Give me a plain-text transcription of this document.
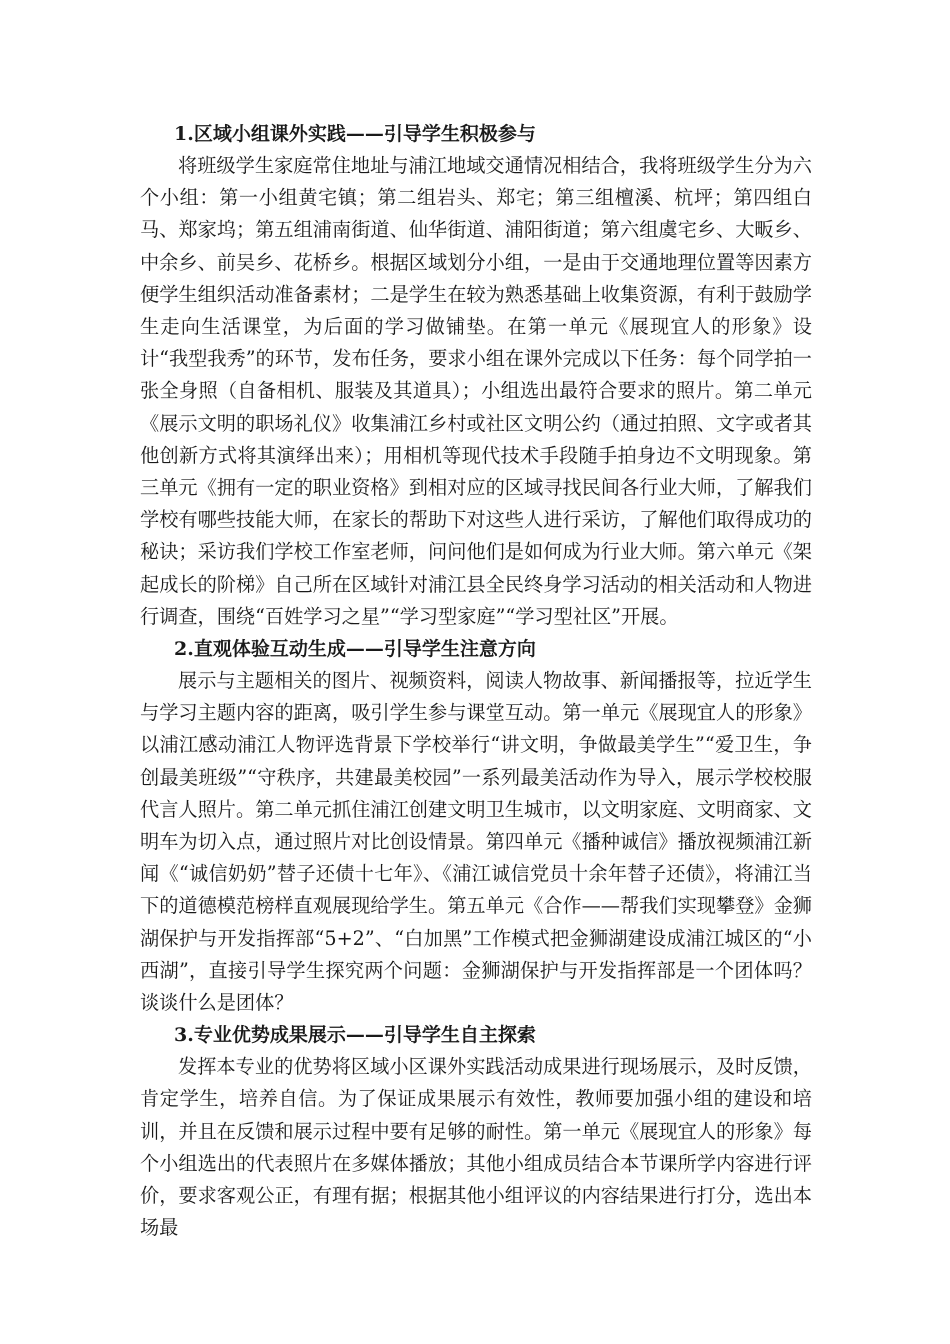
1.区域小组课外实践——引导学生积极参与

将班级学生家庭常住地址与浦江地域交通情况相结合，我将班级学生分为六个小组：第一小组黄宅镇；第二组岩头、郑宅；第三组檀溪、杭坪；第四组白马、郑家坞；第五组浦南街道、仙华街道、浦阳街道；第六组虞宅乡、大畈乡、中余乡、前吴乡、花桥乡。根据区域划分小组，一是由于交通地理位置等因素方便学生组织活动准备素材；二是学生在较为熟悉基础上收集资源，有利于鼓励学生走向生活课堂，为后面的学习做铺垫。在第一单元《展现宜人的形象》设计“我型我秀”的环节，发布任务，要求小组在课外完成以下任务：每个同学拍一张全身照（自备相机、服装及其道具）；小组选出最符合要求的照片。第二单元《展示文明的职场礼仪》收集浦江乡村或社区文明公约（通过拍照、文字或者其他创新方式将其演绎出来）；用相机等现代技术手段随手拍身边不文明现象。第三单元《拥有一定的职业资格》到相对应的区域寻找民间各行业大师，了解我们学校有哪些技能大师，在家长的帮助下对这些人进行采访，了解他们取得成功的秘诀；采访我们学校工作室老师，问问他们是如何成为行业大师。第六单元《架起成长的阶梯》自己所在区域针对浦江县全民终身学习活动的相关活动和人物进行调查，围绕“百姓学习之星”“学习型家庭”“学习型社区”开展。

2.直观体验互动生成——引导学生注意方向

展示与主题相关的图片、视频资料，阅读人物故事、新闻播报等，拉近学生与学习主题内容的距离，吸引学生参与课堂互动。第一单元《展现宜人的形象》以浦江感动浦江人物评选背景下学校举行“讲文明，争做最美学生”“爱卫生，争创最美班级”“守秩序，共建最美校园”一系列最美活动作为导入，展示学校校服代言人照片。第二单元抓住浦江创建文明卫生城市，以文明家庭、文明商家、文明车为切入点，通过照片对比创设情景。第四单元《播种诚信》播放视频浦江新闻《“诚信奶奶”替子还债十七年》、《浦江诚信党员十余年替子还债》，将浦江当下的道德模范榜样直观展现给学生。第五单元《合作——帮我们实现攀登》金狮湖保护与开发指挥部“5+2”、“白加黑”工作模式把金狮湖建设成浦江城区的“小西湖”，直接引导学生探究两个问题：金狮湖保护与开发指挥部是一个团体吗？谈谈什么是团体？

3.专业优势成果展示——引导学生自主探索

发挥本专业的优势将区域小区课外实践活动成果进行现场展示，及时反馈，肯定学生，培养自信。为了保证成果展示有效性，教师要加强小组的建设和培训，并且在反馈和展示过程中要有足够的耐性。第一单元《展现宜人的形象》每个小组选出的代表照片在多媒体播放；其他小组成员结合本节课所学内容进行评价，要求客观公正，有理有据；根据其他小组评议的内容结果进行打分，选出本场最
